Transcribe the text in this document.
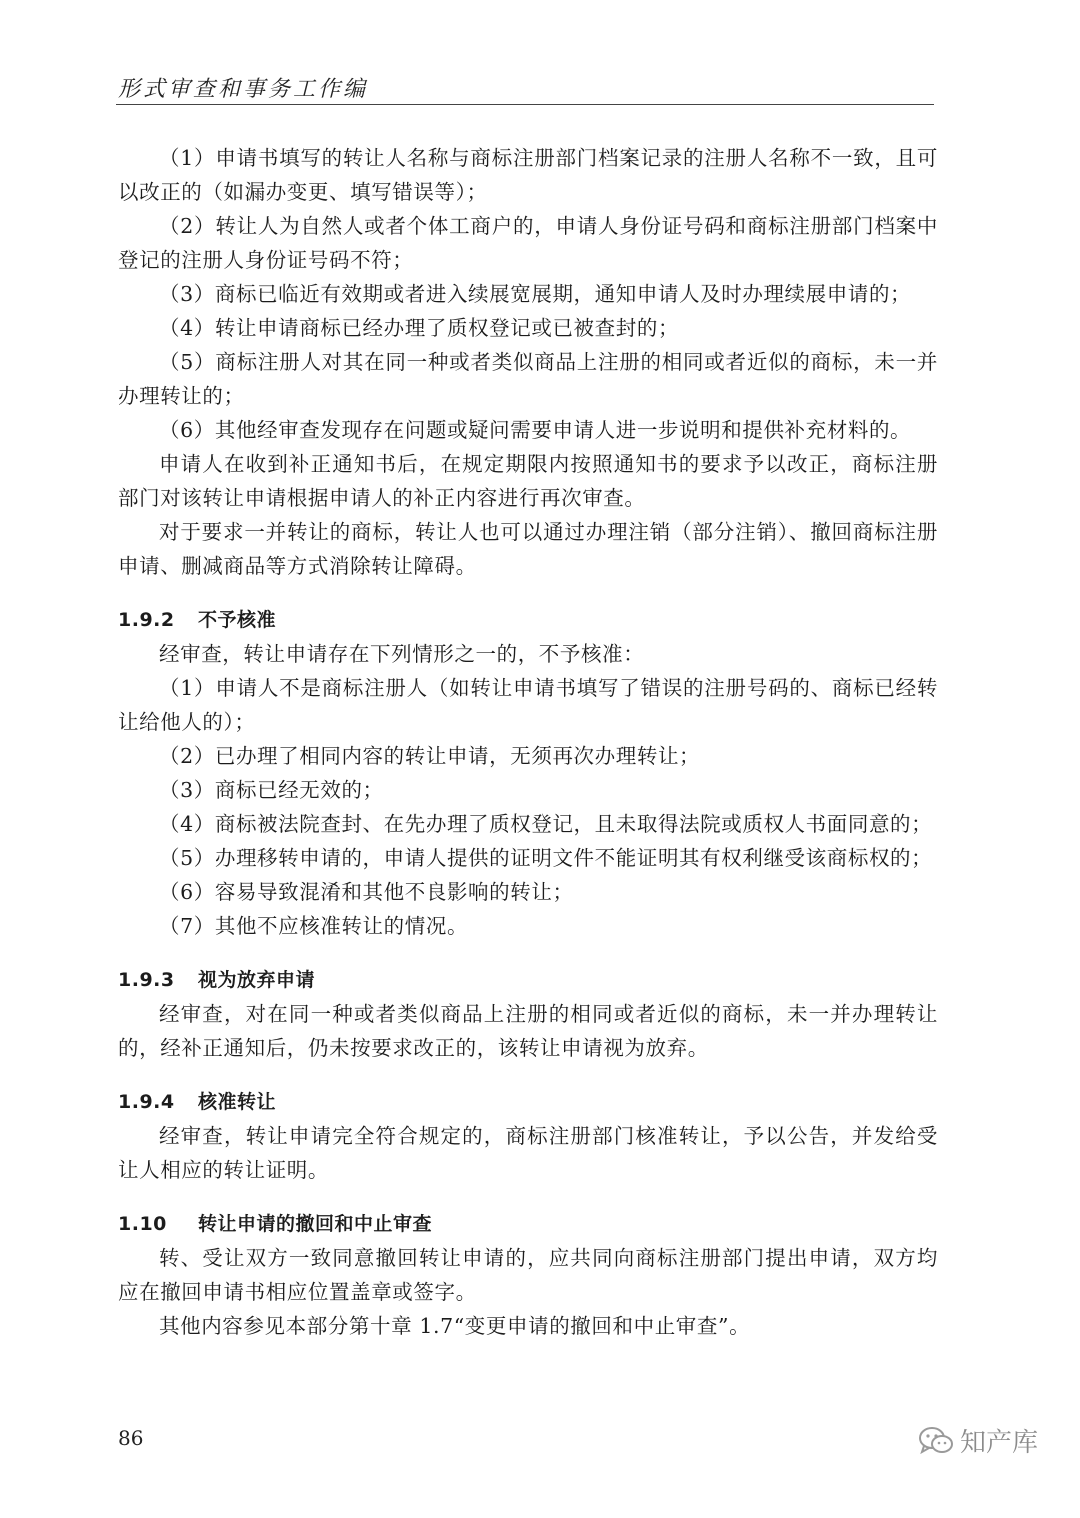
形式审查和事务工作编

（1）申请书填写的转让人名称与商标注册部门档案记录的注册人名称不一致，且可以改正的（如漏办变更、填写错误等）；

（2）转让人为自然人或者个体工商户的，申请人身份证号码和商标注册部门档案中登记的注册人身份证号码不符；

（3）商标已临近有效期或者进入续展宽展期，通知申请人及时办理续展申请的；

（4）转让申请商标已经办理了质权登记或已被查封的；

（5）商标注册人对其在同一种或者类似商品上注册的相同或者近似的商标，未一并办理转让的；

（6）其他经审查发现存在问题或疑问需要申请人进一步说明和提供补充材料的。

申请人在收到补正通知书后，在规定期限内按照通知书的要求予以改正，商标注册部门对该转让申请根据申请人的补正内容进行再次审查。

对于要求一并转让的商标，转让人也可以通过办理注销（部分注销）、撤回商标注册申请、删减商品等方式消除转让障碍。

1.9.2 不予核准

经审查，转让申请存在下列情形之一的，不予核准：

（1）申请人不是商标注册人（如转让申请书填写了错误的注册号码的、商标已经转让给他人的）；

（2）已办理了相同内容的转让申请，无须再次办理转让；

（3）商标已经无效的；

（4）商标被法院查封、在先办理了质权登记，且未取得法院或质权人书面同意的；

（5）办理移转申请的，申请人提供的证明文件不能证明其有权利继受该商标权的；

（6）容易导致混淆和其他不良影响的转让；

（7）其他不应核准转让的情况。

1.9.3 视为放弃申请

经审查，对在同一种或者类似商品上注册的相同或者近似的商标，未一并办理转让的，经补正通知后，仍未按要求改正的，该转让申请视为放弃。

1.9.4 核准转让

经审查，转让申请完全符合规定的，商标注册部门核准转让，予以公告，并发给受让人相应的转让证明。

1.10 转让申请的撤回和中止审查

转、受让双方一致同意撤回转让申请的，应共同向商标注册部门提出申请，双方均应在撤回申请书相应位置盖章或签字。

其他内容参见本部分第十章 1.7“变更申请的撤回和中止审查”。

86	知产库
